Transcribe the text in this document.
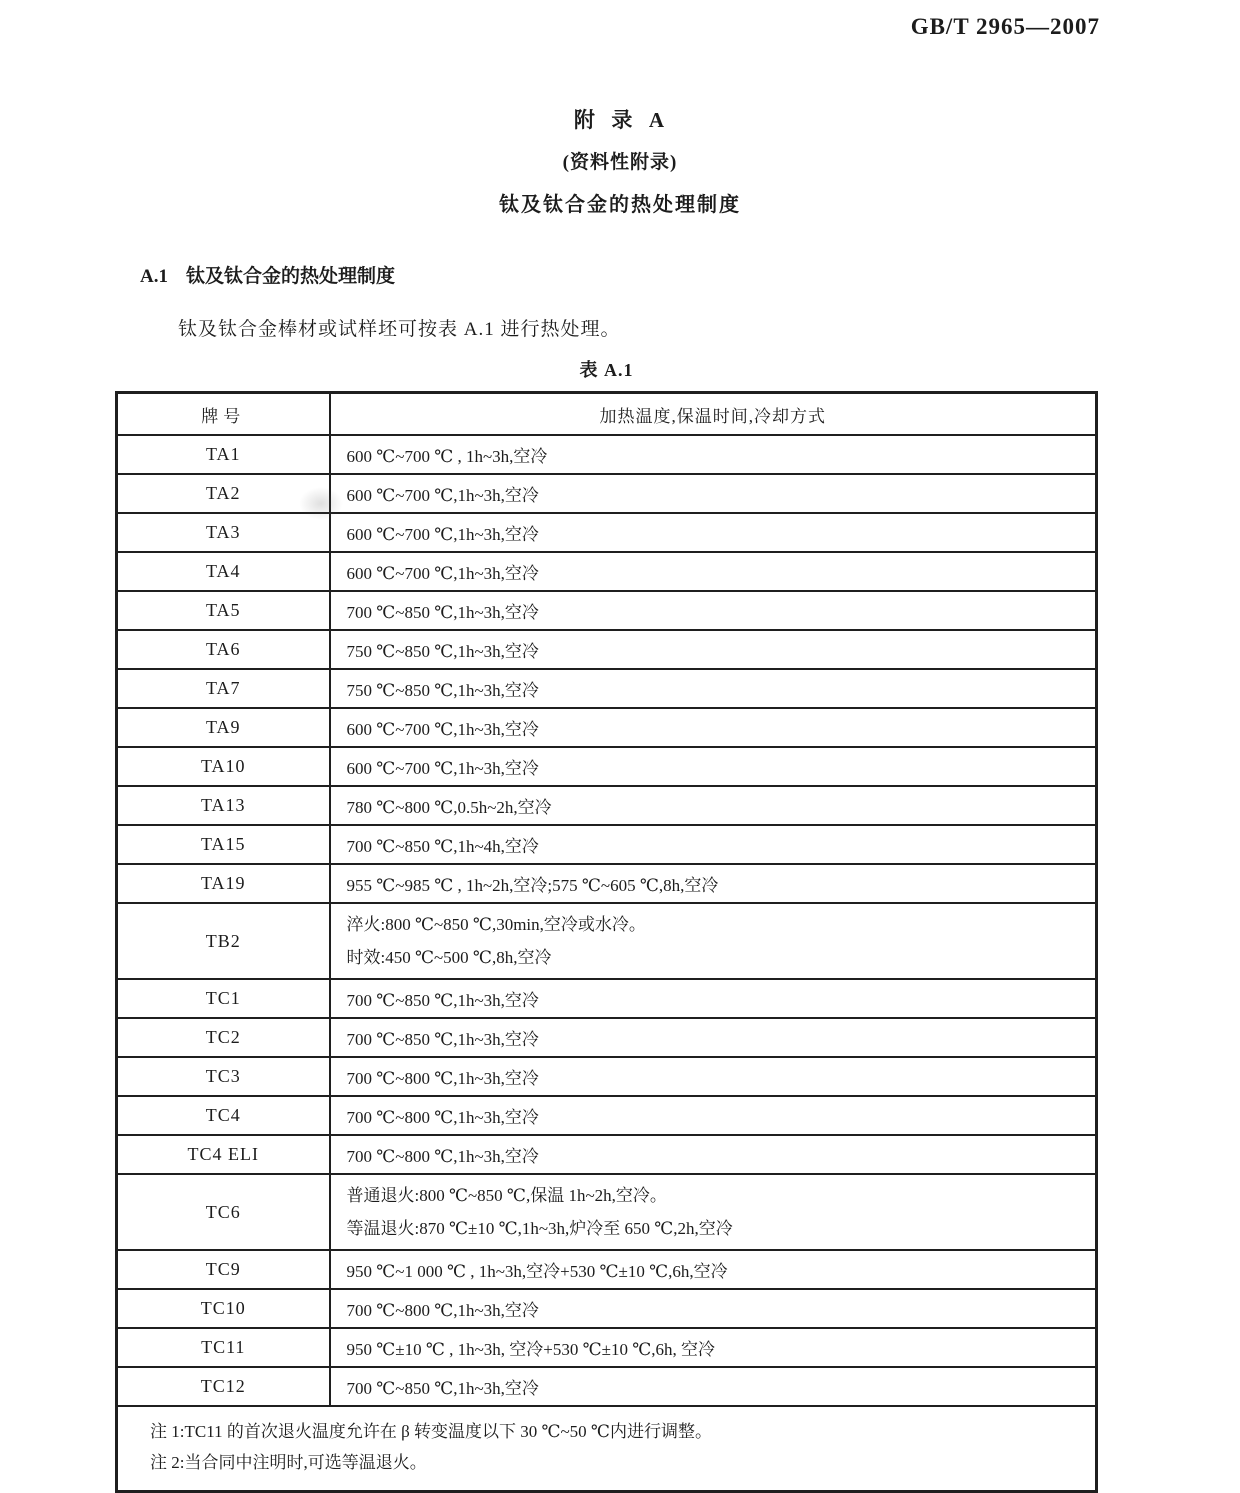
GB/T 2965—2007
附  录  A
(资料性附录)
钛及钛合金的热处理制度
A.1 钛及钛合金的热处理制度
钛及钛合金棒材或试样坯可按表 A.1 进行热处理。
表 A.1
牌号	加热温度,保温时间,冷却方式
TA1	600 ℃~700 ℃ , 1h~3h,空冷

TA2	600 ℃~700 ℃,1h~3h,空冷

TA3	600 ℃~700 ℃,1h~3h,空冷

TA4	600 ℃~700 ℃,1h~3h,空冷

TA5	700 ℃~850 ℃,1h~3h,空冷

TA6	750 ℃~850 ℃,1h~3h,空冷

TA7	750 ℃~850 ℃,1h~3h,空冷

TA9	600 ℃~700 ℃,1h~3h,空冷

TA10	600 ℃~700 ℃,1h~3h,空冷

TA13	780 ℃~800 ℃,0.5h~2h,空冷

TA15	700 ℃~850 ℃,1h~4h,空冷

TA19	955 ℃~985 ℃ , 1h~2h,空冷;575 ℃~605 ℃,8h,空冷

TB2	淬火:800 ℃~850 ℃,30min,空冷或水冷。
时效:450 ℃~500 ℃,8h,空冷

TC1	700 ℃~850 ℃,1h~3h,空冷

TC2	700 ℃~850 ℃,1h~3h,空冷

TC3	700 ℃~800 ℃,1h~3h,空冷

TC4	700 ℃~800 ℃,1h~3h,空冷

TC4 ELI	700 ℃~800 ℃,1h~3h,空冷

TC6	普通退火:800 ℃~850 ℃,保温 1h~2h,空冷。
等温退火:870 ℃±10 ℃,1h~3h,炉冷至 650 ℃,2h,空冷

TC9	950 ℃~1 000 ℃ , 1h~3h,空冷+530 ℃±10 ℃,6h,空冷

TC10	700 ℃~800 ℃,1h~3h,空冷

TC11	950 ℃±10 ℃ , 1h~3h, 空冷+530 ℃±10 ℃,6h, 空冷

TC12	700 ℃~850 ℃,1h~3h,空冷

注 1:TC11 的首次退火温度允许在 β 转变温度以下 30 ℃~50 ℃内进行调整。
注 2:当合同中注明时,可选等温退火。	
